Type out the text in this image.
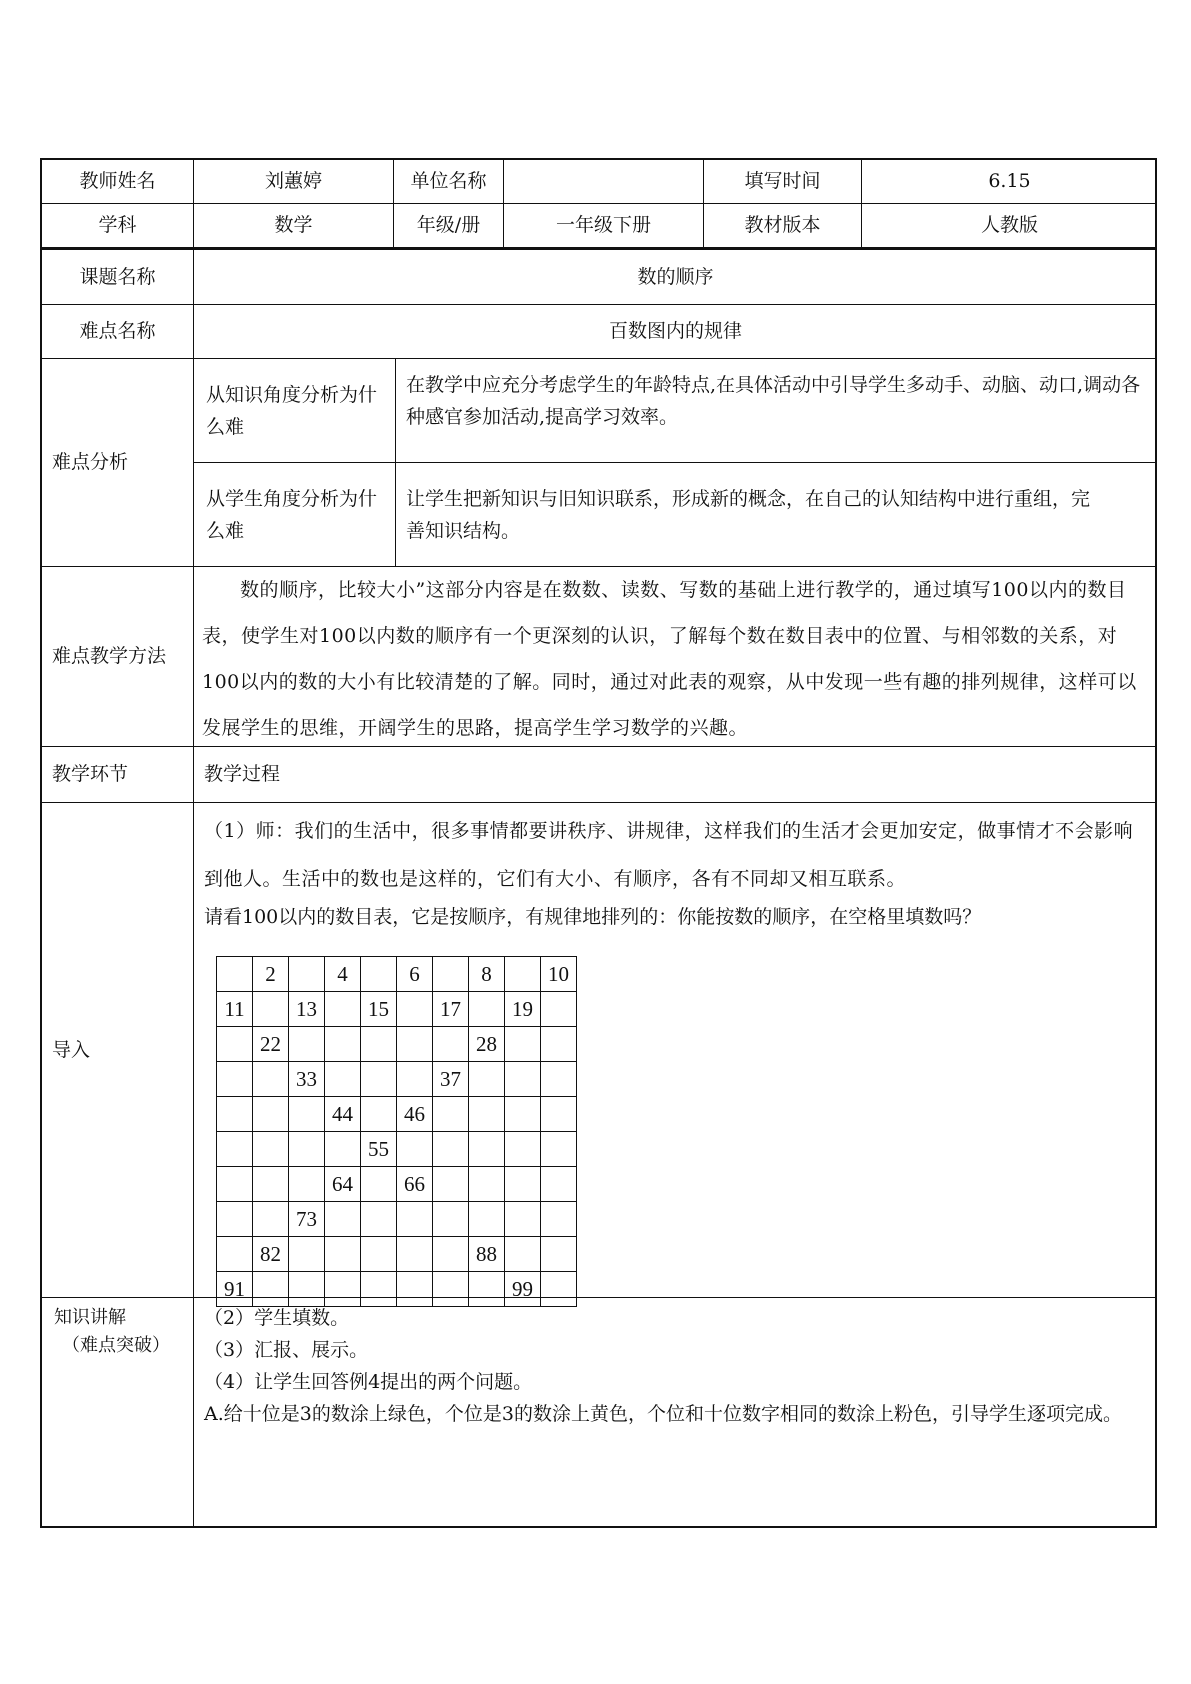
教师姓名	刘蕙婷	单位名称	填写时间	6.15
学科	数学	年级/册	一年级下册	教材版本	人教版
课题名称	数的顺序
难点名称	百数图内的规律
难点分析
从知识角度分析为什么难
在教学中应充分考虑学生的年龄特点,在具体活动中引导学生多动手、动脑、动口,调动各种感官参加活动,提高学习效率。
从学生角度分析为什么难
让学生把新知识与旧知识联系，形成新的概念，在自己的认知结构中进行重组，完善知识结构。
难点教学方法
数的顺序，比较大小”这部分内容是在数数、读数、写数的基础上进行教学的，通过填写100以内的数目表，使学生对100以内数的顺序有一个更深刻的认识，了解每个数在数目表中的位置、与相邻数的关系，对100以内的数的大小有比较清楚的了解。同时，通过对此表的观察，从中发现一些有趣的排列规律，这样可以发展学生的思维，开阔学生的思路，提高学生学习数学的兴趣。
教学环节	教学过程
导入
（1）师：我们的生活中，很多事情都要讲秩序、讲规律，这样我们的生活才会更加安定，做事情才不会影响到他人。生活中的数也是这样的，它们有大小、有顺序，各有不同却又相互联系。
请看100以内的数目表，它是按顺序，有规律地排列的：你能按数的顺序，在空格里填数吗？
知识讲解
（难点突破）
（2）学生填数。
（3）汇报、展示。
（4）让学生回答例4提出的两个问题。
A.给十位是3的数涂上绿色，个位是3的数涂上黄色，个位和十位数字相同的数涂上粉色，引导学生逐项完成。
	2		4		6		8		10
11		13		15		17		19	
	22						28		
		33				37			
			44		46				
				55					
			64		66				
		73							
	82						88		
91								99	
